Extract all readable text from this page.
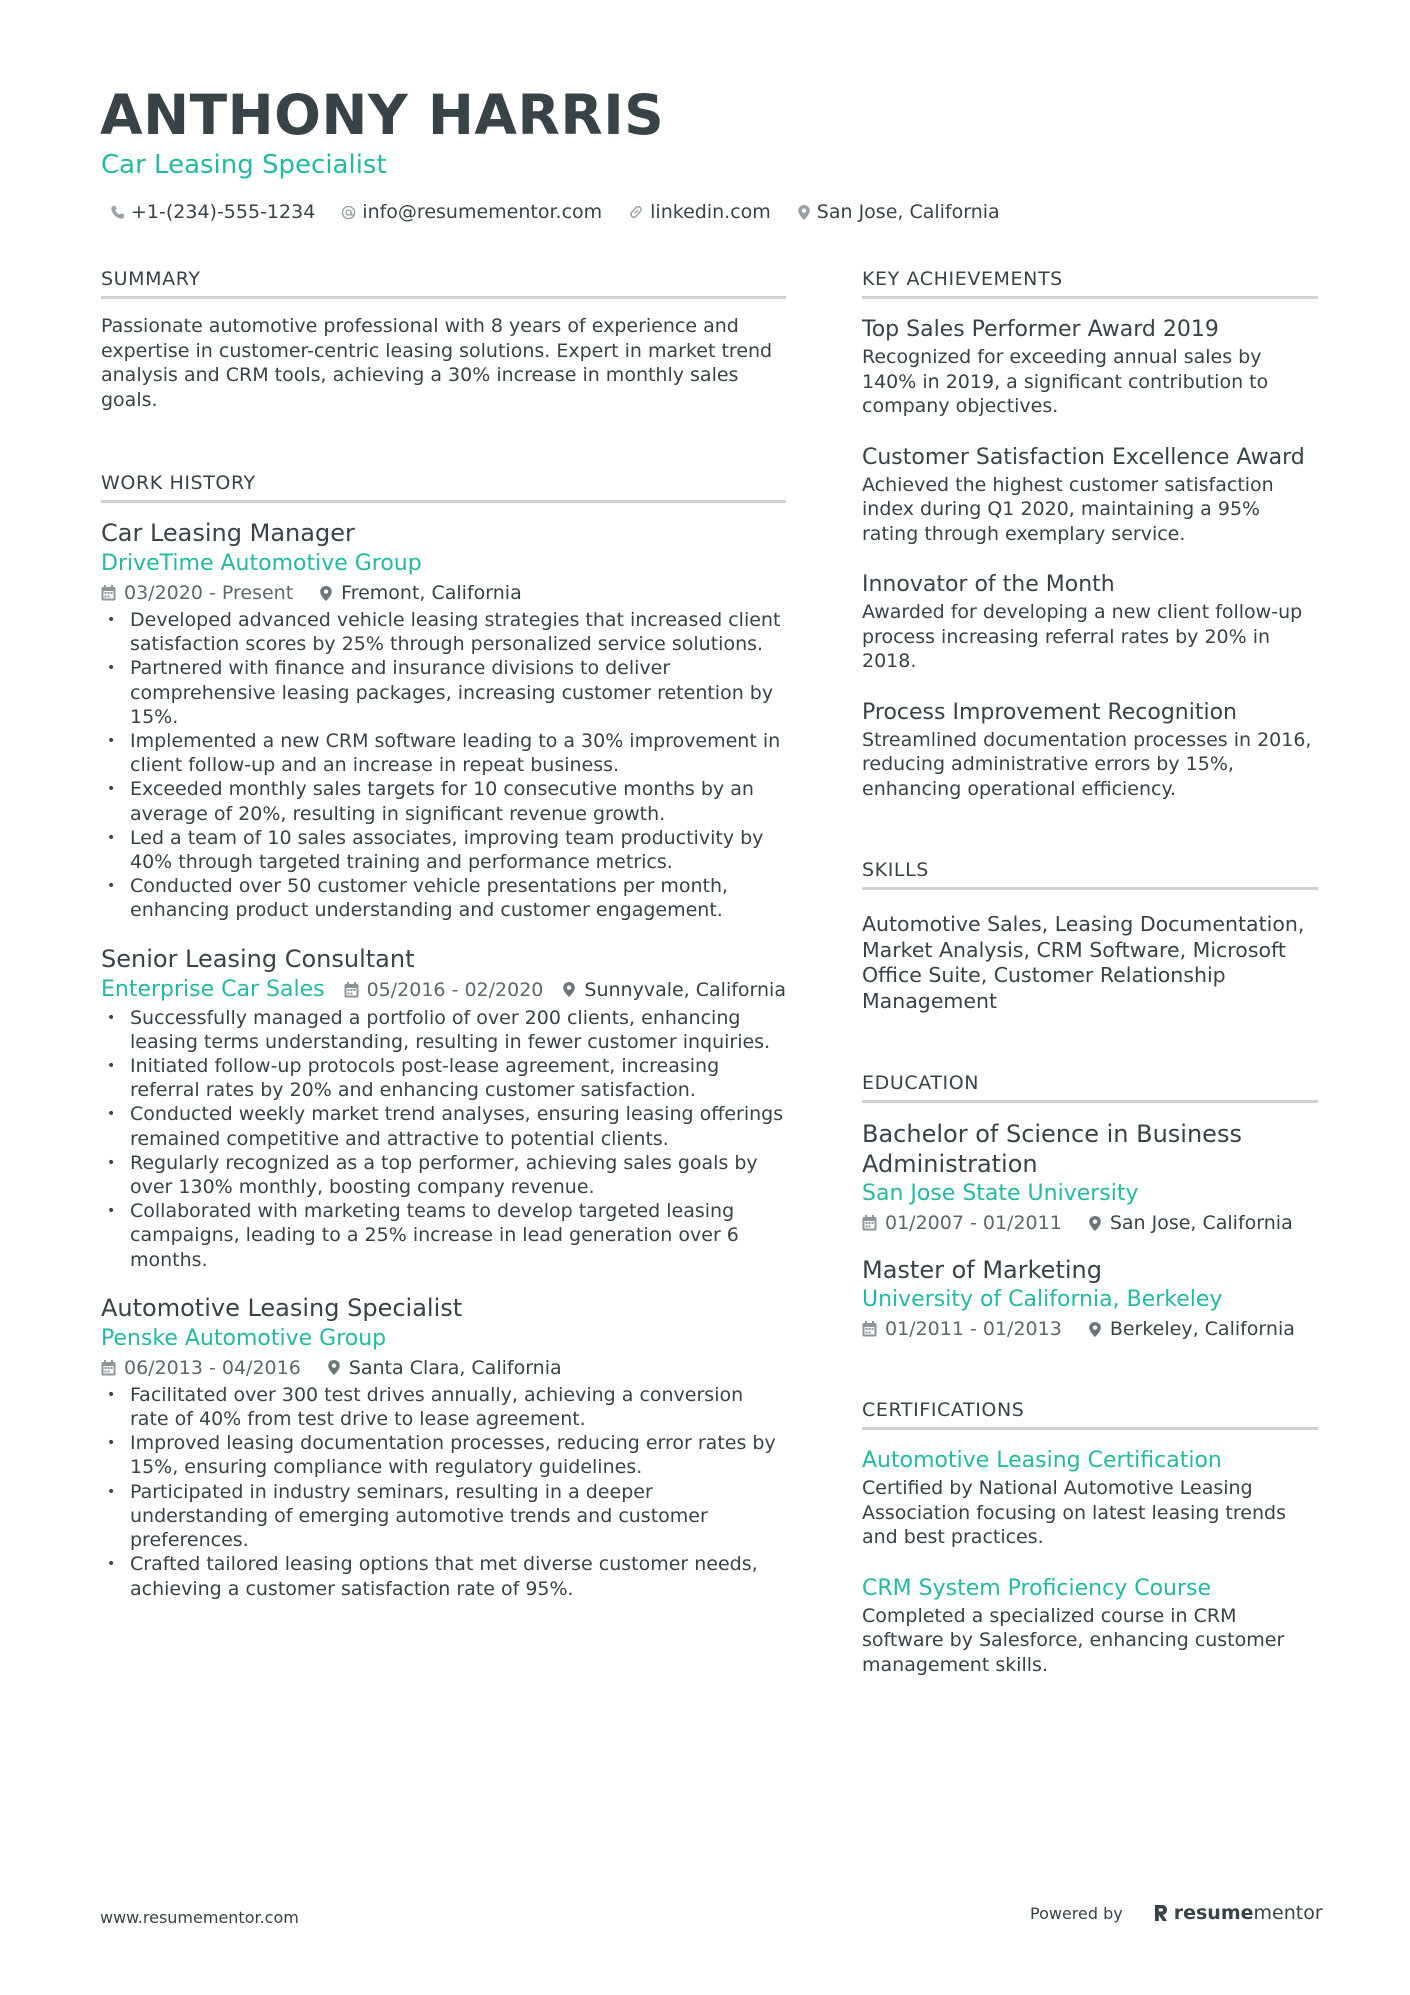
ANTHONY HARRIS
Car Leasing Specialist
+1-(234)-555-1234 info@resumementor.com	linkedin.com San Jose, California
SUMMARY

Passionate automotive professional with 8 years of experience and expertise in customer-centric leasing solutions. Expert in market trend analysis and CRM tools, achieving a 30% increase in monthly sales goals.

WORK HISTORY
Car Leasing Manager
DriveTime Automotive Group
03/2020 - Present	Fremont, California
• Developed advanced vehicle leasing strategies that increased client satisfaction scores by 25% through personalized service solutions.
• Partnered with finance and insurance divisions to deliver comprehensive leasing packages, increasing customer retention by 15%.
• Implemented a new CRM software leading to a 30% improvement in client follow-up and an increase in repeat business.
• Exceeded monthly sales targets for 10 consecutive months by an average of 20%, resulting in significant revenue growth.
• Led a team of 10 sales associates, improving team productivity by 40% through targeted training and performance metrics.
• Conducted over 50 customer vehicle presentations per month, enhancing product understanding and customer engagement.
Senior Leasing Consultant
Enterprise Car Sales 05/2016 - 02/2020 Sunnyvale, California
• Successfully managed a portfolio of over 200 clients, enhancing leasing terms understanding, resulting in fewer customer inquiries.
• Initiated follow-up protocols post-lease agreement, increasing referral rates by 20% and enhancing customer satisfaction.
• Conducted weekly market trend analyses, ensuring leasing offerings remained competitive and attractive to potential clients.
• Regularly recognized as a top performer, achieving sales goals by over 130% monthly, boosting company revenue.
• Collaborated with marketing teams to develop targeted leasing campaigns, leading to a 25% increase in lead generation over 6 months.
Automotive Leasing Specialist
Penske Automotive Group
06/2013 - 04/2016	Santa Clara, California
• Facilitated over 300 test drives annually, achieving a conversion rate of 40% from test drive to lease agreement.
• Improved leasing documentation processes, reducing error rates by 15%, ensuring compliance with regulatory guidelines.
• Participated in industry seminars, resulting in a deeper understanding of emerging automotive trends and customer preferences.
• Crafted tailored leasing options that met diverse customer needs, achieving a customer satisfaction rate of 95%.
KEY ACHIEVEMENTS
Top Sales Performer Award 2019

Recognized for exceeding annual sales by 140% in 2019, a significant contribution to company objectives.

Customer Satisfaction Excellence Award

Achieved the highest customer satisfaction index during Q1 2020, maintaining a 95% rating through exemplary service.

Innovator of the Month

Awarded for developing a new client follow-up process increasing referral rates by 20% in 2018.

Process Improvement Recognition

Streamlined documentation processes in 2016, reducing administrative errors by 15%, enhancing operational efficiency.

SKILLS

Automotive Sales, Leasing Documentation, Market Analysis, CRM Software, Microsoft Office Suite, Customer Relationship Management

EDUCATION
Bachelor of Science in Business Administration
San Jose State University
01/2007 - 01/2011	San Jose, California
Master of Marketing
University of California, Berkeley
01/2011 - 01/2013	Berkeley, California
CERTIFICATIONS
Automotive Leasing Certification

Certified by National Automotive Leasing Association focusing on latest leasing trends and best practices.

CRM System Proficiency Course

Completed a specialized course in CRM software by Salesforce, enhancing customer management skills.

www.resumementor.com	Powered by	resume mentor
